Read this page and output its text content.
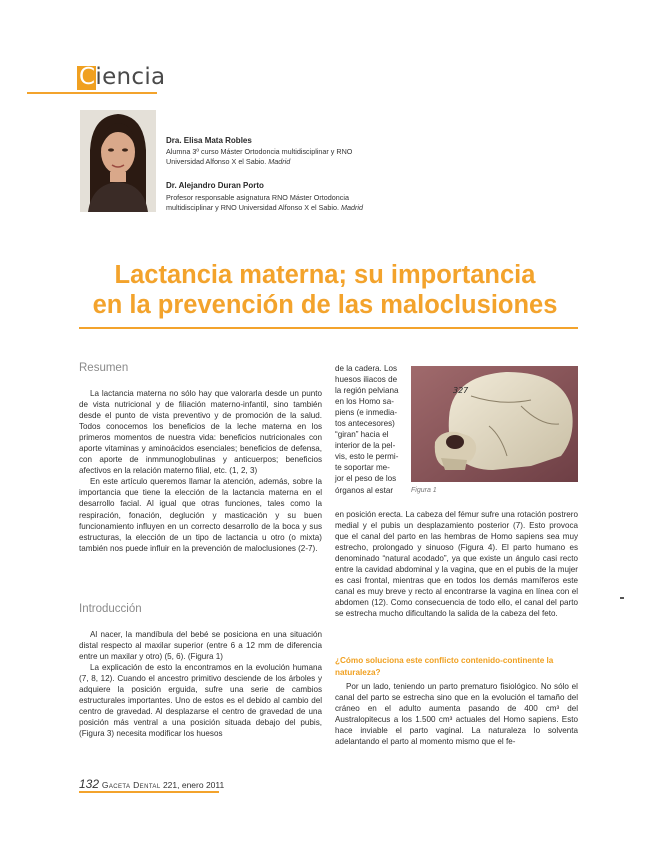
Ciencia
Dra. Elisa Mata Robles
Alumna 3º curso Máster Ortodoncia multidisciplinar y RNO
Universidad Alfonso X el Sabio. Madrid
Dr. Alejandro Duran Porto
Profesor responsable asignatura RNO Máster Ortodoncia
multidisciplinar y RNO Universidad Alfonso X el Sabio. Madrid
Lactancia materna; su importancia
en la prevención de las maloclusiones
Resumen

La lactancia materna no sólo hay que valorarla desde un punto de vista nutricional y de filiación materno-infantil, sino también desde el punto de vista preventivo y de promoción de la salud. Todos conocemos los beneficios de la leche materna en los primeros momentos de nuestra vida: beneficios nutricionales con aporte vitaminas y aminoácidos esenciales; beneficios de defensa, con aporte de inmmunoglobulinas y anticuerpos; beneficios afectivos en la relación materno filial, etc. (1, 2, 3)

En este artículo queremos llamar la atención, además, sobre la importancia que tiene la elección de la lactancia materna en el desarrollo facial. Al igual que otras funciones, tales como la respiración, fonación, deglución y masticación y su buen funcionamiento influyen en un correcto desarrollo de la boca y sus estructuras, la elección de un tipo de lactancia u otro (o mixta) también nos puede influir en la prevención de maloclusiones (2-7).

Introducción

Al nacer, la mandíbula del bebé se posiciona en una situación distal respecto al maxilar superior (entre 6 a 12 mm de diferencia entre un maxilar y otro) (5, 6). (Figura 1)

La explicación de esto la encontramos en la evolución humana (7, 8, 12). Cuando el ancestro primitivo desciende de los árboles y adquiere la posición erguida, sufre una serie de cambios estructurales importantes. Uno de estos es el debido al cambio del centro de gravedad. Al desplazarse el centro de gravedad de una posición más ventral a una posición situada debajo del pubis, (Figura 3) necesita modificar los huesos

de la cadera. Los
huesos iliacos de
la región pelviana
en los Homo sa-
piens (e inmedia-
tos antecesores)
“giran” hacia el
interior de la pel-
vis, esto le permi-
te soportar me-
jor el peso de los
órganos al estar
327
Figura 1

en posición erecta. La cabeza del fémur sufre una rotación postrero medial y el pubis un desplazamiento posterior (7). Esto provoca que el canal del parto en las hembras de Homo sapiens sea muy estrecho, prolongado y sinuoso (Figura 4). El parto humano es denominado “natural acodado”, ya que existe un ángulo casi recto entre la cavidad abdominal y la vagina, que en el pubis de la mujer es casi frontal, mientras que en todos los demás mamíferos este canal es muy breve y recto al encontrarse la vagina en línea con el abdomen (12). Como consecuencia de todo ello, el canal del parto se estrecha mucho dificultando la salida de la cabeza del feto.

¿Cómo soluciona este conflicto contenido-continente la naturaleza?

Por un lado, teniendo un parto prematuro fisiológico. No sólo el canal del parto se estrecha sino que en la evolución el tamaño del cráneo en el adulto aumenta pasando de 400 cm³ del Australopitecus a los 1.500 cm³ actuales del Homo sapiens. Esto hace inviable el parto vaginal. La naturaleza lo solventa adelantando el parto al momento mismo que el fe-

132 Gaceta Dental 221, enero 2011
